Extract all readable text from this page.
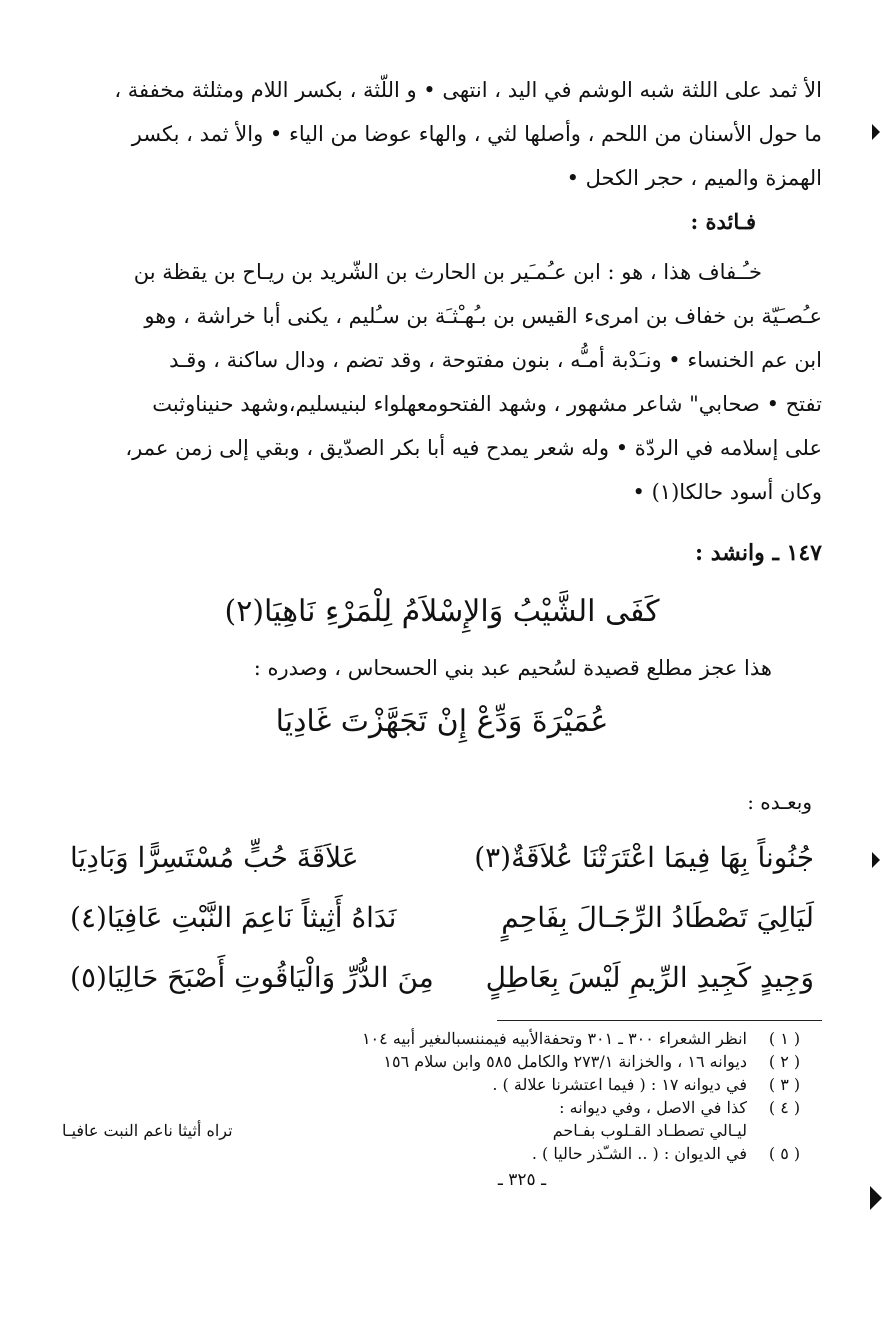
الأ ثمد على اللثة شبه الوشم في اليد ، انتهى • و اللّثة ، بكسر اللام ومثلثة مخففة ،

ما حول الأسنان من اللحم ، وأصلها لثي ، والهاء عوضا من الياء • والأ ثمد ، بكسر

الهمزة والميم ، حجر الكحل •

فـائدة :

خـُـفاف هذا ، هو : ابن عـُمـَير بن الحارث بن الشّريد بن ريـاح بن يقظة بن

عـُصـَيّة بن خفاف بن امرىء القيس بن بـُهـْثـَة بن سـُليم ، يكنى أبا خراشة ، وهو

ابن عم الخنساء • ونـَدْبة أمـُّه ، بنون مفتوحة ، وقد تضم ، ودال ساكنة ، وقـد

تفتح • صحابي" شاعر مشهور ، وشهد الفتحومعهلواء لبنيسليم،وشهد حنيناوثبت

على إسلامه في الردّة • وله شعر يمدح فيه أبا بكر الصدّيق ، وبقي إلى زمن عمر،

وكان أسود حالكا(١) •

١٤٧ ـ وانشد :

كَفَى الشَّيْبُ وَالإِسْلاَمُ لِلْمَرْءِ نَاهِيَا(٢)

هذا عجز مطلع قصيدة لسُحيم عبد بني الحسحاس ، وصدره :

عُمَيْرَةَ وَدِّعْ إِنْ تَجَهَّزْتَ غَادِيَا

وبعـده :

جُنُوناً بِهَا فِيمَا اعْتَرَتْنَا عُلاَقَةٌ(٣)
عَلاَقَةَ حُبٍّ مُسْتَسِرًّا وَبَادِيَا
لَيَالِيَ تَصْطَادُ الرِّجَـالَ بِفَاحِمٍ
نَدَاهُ أَثِيثاً نَاعِمَ النَّبْتِ عَافِيَا(٤)
وَجِيدٍ كَجِيدِ الرِّيمِ لَيْسَ بِعَاطِلٍ
مِنَ الدُّرِّ وَالْيَاقُوتِ أَصْبَحَ حَالِيَا(٥)
( ١ )
انظر الشعراء ٣٠٠ ـ ٣٠١ وتحفةالأبيه فيمننسبالىغير أبيه ١٠٤
( ٢ )
ديوانه ١٦ ، والخزانة ٢٧٣/١ والكامل ٥٨٥ وابن سلام ١٥٦
( ٣ )
في ديوانه ١٧ : ( فيما اعتشرنا علالة ) .
( ٤ )
كذا في الاصل ، وفي ديوانه :
ليـالي تصطـاد القـلوب بفـاحم
تراه أثيثا ناعم النبت عافيـا
( ٥ )
في الديوان : ( .. الشـّذر حاليا ) .
ـ ٣٢٥ ـ
